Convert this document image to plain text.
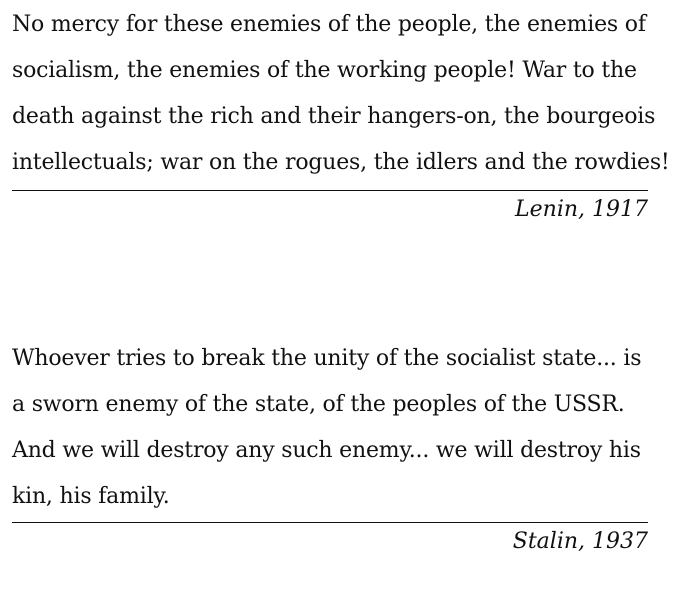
No mercy for these enemies of the people, the enemies of
socialism, the enemies of the working people! War to the
death against the rich and their hangers-on, the bourgeois
intellectuals; war on the rogues, the idlers and the rowdies!

Lenin, 1917

Whoever tries to break the unity of the socialist state... is
a sworn enemy of the state, of the peoples of the USSR.
And we will destroy any such enemy... we will destroy his
kin, his family.

Stalin, 1937
